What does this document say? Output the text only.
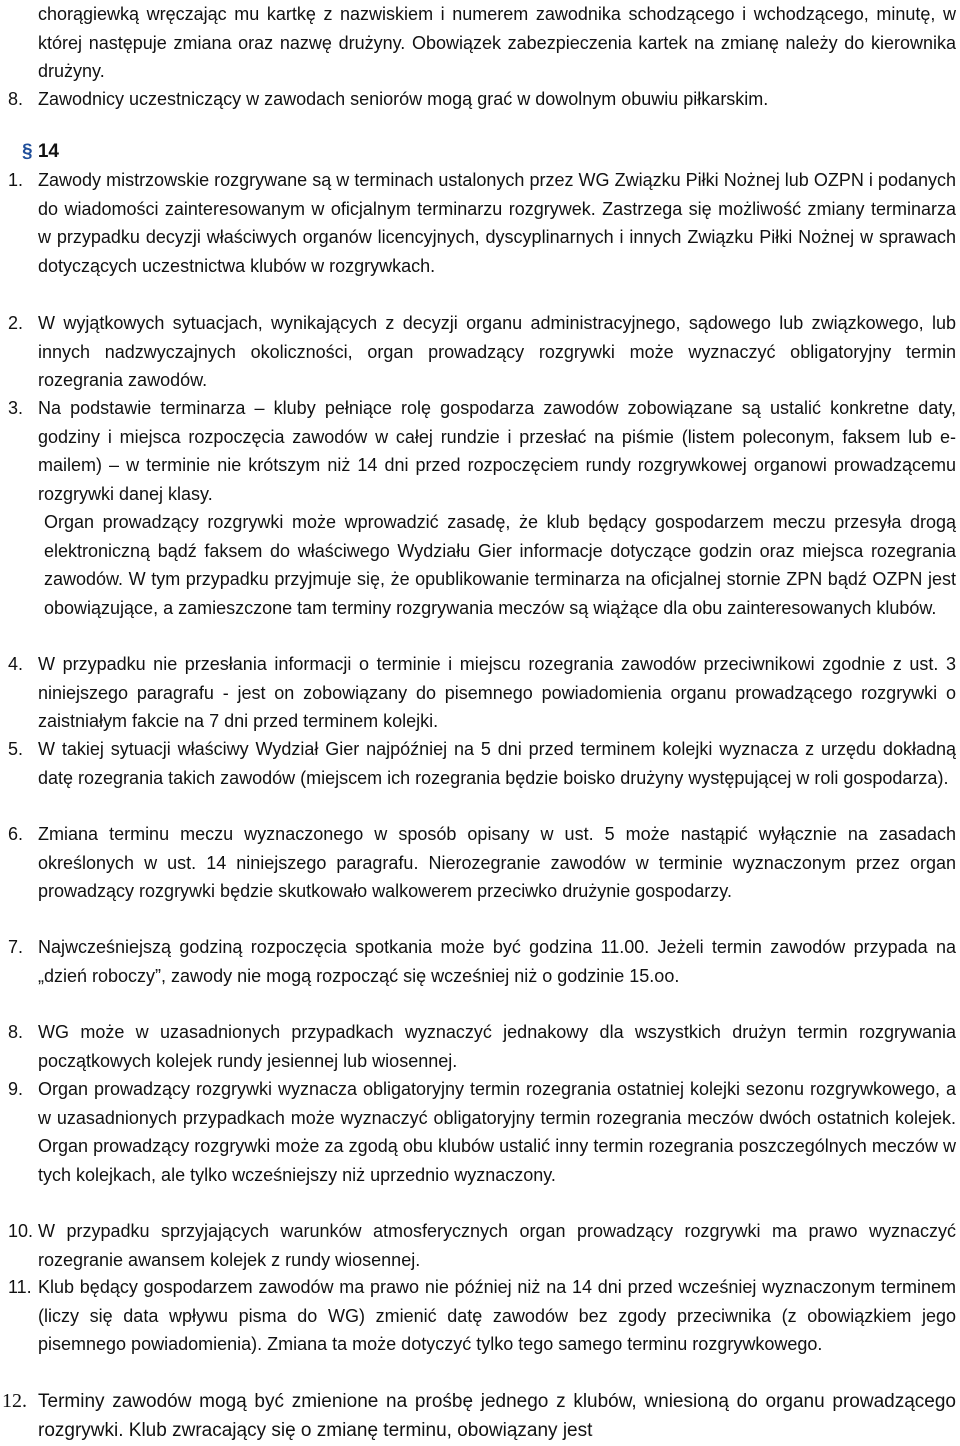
chorągiewką wręczając mu kartkę z nazwiskiem i numerem zawodnika schodzącego i wchodzącego, minutę, w której następuje zmiana oraz nazwę drużyny. Obowiązek zabezpieczenia kartek na zmianę należy do kierownika drużyny.

8. Zawodnicy uczestniczący w zawodach seniorów mogą grać w dowolnym obuwiu piłkarskim.

§ 14

1. Zawody mistrzowskie rozgrywane są w terminach ustalonych przez WG Związku Piłki Nożnej lub OZPN i podanych do wiadomości zainteresowanym w oficjalnym terminarzu rozgrywek. Zastrzega się możliwość zmiany terminarza w przypadku decyzji właściwych organów licencyjnych, dyscyplinarnych i innych Związku Piłki Nożnej w sprawach dotyczących uczestnictwa klubów w rozgrywkach.

2. W wyjątkowych sytuacjach, wynikających z decyzji organu administracyjnego, sądowego lub związkowego, lub innych nadzwyczajnych okoliczności, organ prowadzący rozgrywki może wyznaczyć obligatoryjny termin rozegrania zawodów.

3. Na podstawie terminarza – kluby pełniące rolę gospodarza zawodów zobowiązane są ustalić konkretne daty, godziny i miejsca rozpoczęcia zawodów w całej rundzie i przesłać na piśmie (listem poleconym, faksem lub e-mailem) – w terminie nie krótszym niż 14 dni przed rozpoczęciem rundy rozgrywkowej organowi prowadzącemu rozgrywki danej klasy.

Organ prowadzący rozgrywki może wprowadzić zasadę, że klub będący gospodarzem meczu przesyła drogą elektroniczną bądź faksem do właściwego Wydziału Gier informacje dotyczące godzin oraz miejsca rozegrania zawodów. W tym przypadku przyjmuje się, że opublikowanie terminarza na oficjalnej stornie ZPN bądź OZPN jest obowiązujące, a zamieszczone tam terminy rozgrywania meczów są wiążące dla obu zainteresowanych klubów.

4. W przypadku nie przesłania informacji o terminie i miejscu rozegrania zawodów przeciwnikowi zgodnie z ust. 3 niniejszego paragrafu - jest on zobowiązany do pisemnego powiadomienia organu prowadzącego rozgrywki o zaistniałym fakcie na 7 dni przed terminem kolejki.

5. W takiej sytuacji właściwy Wydział Gier najpóźniej na 5 dni przed terminem kolejki wyznacza z urzędu dokładną datę rozegrania takich zawodów (miejscem ich rozegrania będzie boisko drużyny występującej w roli gospodarza).

6. Zmiana terminu meczu wyznaczonego w sposób opisany w ust. 5 może nastąpić wyłącznie na zasadach określonych w ust. 14 niniejszego paragrafu. Nierozegranie zawodów w terminie wyznaczonym przez organ prowadzący rozgrywki będzie skutkowało walkowerem przeciwko drużynie gospodarzy.

7. Najwcześniejszą godziną rozpoczęcia spotkania może być godzina 11.00. Jeżeli termin zawodów przypada na „dzień roboczy”, zawody nie mogą rozpocząć się wcześniej niż o godzinie 15.oo.

8. WG może w uzasadnionych przypadkach wyznaczyć jednakowy dla wszystkich drużyn termin rozgrywania początkowych kolejek rundy jesiennej lub wiosennej.

9. Organ prowadzący rozgrywki wyznacza obligatoryjny termin rozegrania ostatniej kolejki sezonu rozgrywkowego, a w uzasadnionych przypadkach może wyznaczyć obligatoryjny termin rozegrania meczów dwóch ostatnich kolejek. Organ prowadzący rozgrywki może za zgodą obu klubów ustalić inny termin rozegrania poszczególnych meczów w tych kolejkach, ale tylko wcześniejszy niż uprzednio wyznaczony.

10. W przypadku sprzyjających warunków atmosferycznych organ prowadzący rozgrywki ma prawo wyznaczyć rozegranie awansem kolejek z rundy wiosennej.

11. Klub będący gospodarzem zawodów ma prawo nie później niż na 14 dni przed wcześniej wyznaczonym terminem (liczy się data wpływu pisma do WG) zmienić datę zawodów bez zgody przeciwnika (z obowiązkiem jego pisemnego powiadomienia). Zmiana ta może dotyczyć tylko tego samego terminu rozgrywkowego.

12. Terminy zawodów mogą być zmienione na prośbę jednego z klubów, wniesioną do organu prowadzącego rozgrywki. Klub zwracający się o zmianę terminu, obowiązany jest
